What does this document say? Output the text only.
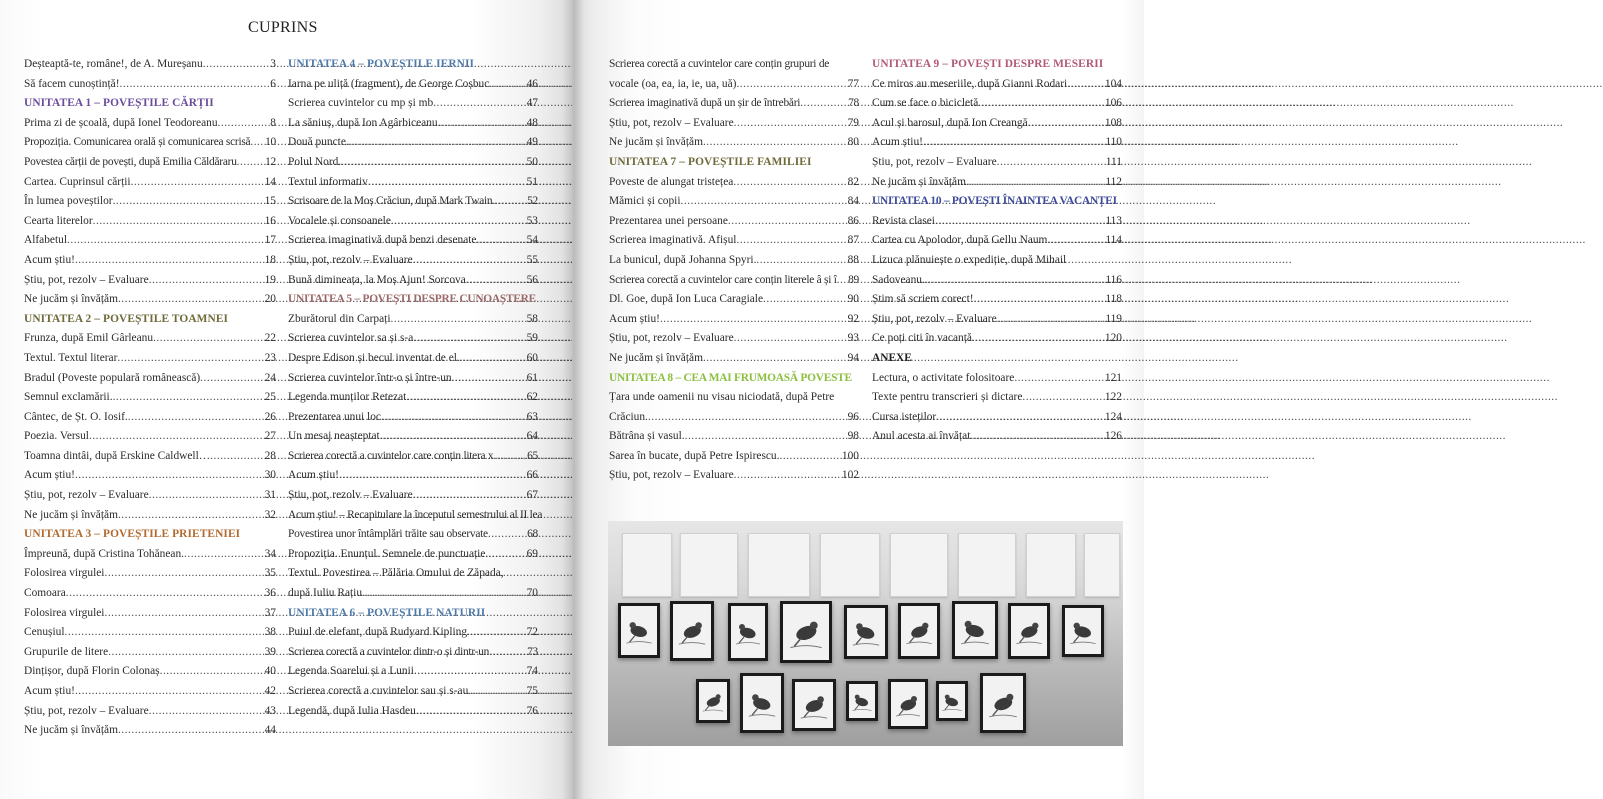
CUPRINS
Deșteaptă-te, române!, de A. Mureșanu .....	3
Să facem cunoștință! .....	6
UNITATEA 1 – POVEȘTILE CĂRȚII
Prima zi de școală, după Ionel Teodoreanu .....	8
Propoziția. Comunicarea orală și comunicarea scrisă ..... 10
Povestea cărții de povești, după Emilia Căldăraru ..... 12
Cartea. Cuprinsul cărții .....	14
În lumea poveștilor .....	15
Cearta literelor .....	16
Alfabetul .....	17
Acum știu! .....	18
Știu, pot, rezolv – Evaluare .....	19
Ne jucăm și învățăm .....	20
UNITATEA 2 – POVEȘTILE TOAMNEI
Frunza, după Emil Gârleanu .....	22
Textul. Textul literar .....	23
Bradul (Poveste populară românească) .....	24
Semnul exclamării. .....	25
Cântec, de Șt. O. Iosif. .....	26
Poezia. Versul .....	27
Toamna dintâi, după Erskine Caldwell… .....	28
Acum știu! .....	30
Știu, pot, rezolv – Evaluare .....	31
Ne jucăm și învățăm .....	32
UNITATEA 3 – POVEȘTILE PRIETENIEI
Împreună, după Cristina Tohănean. .....	34
Folosirea virgulei .....	35
Comoara .....	36
Folosirea virgulei .....	37
Cenușiul .....	38
Grupurile de litere .....	39
Dințișor, după Florin Colonaș .....	40
Acum știu! .....	42
Știu, pot, rezolv – Evaluare .....	43
Ne jucăm și învățăm .....	44
UNITATEA 4 – POVEȘTILE IERNII
Iarna pe uliță (fragment), de George Coșbuc .....	46
Scrierea cuvintelor cu mp și mb .....	47
La săniuș, după Ion Agârbiceanu. .....	48
Două puncte. .....	49
Polul Nord. .....	50
Textul informativ .....	51
Scrisoare de la Moș Crăciun, după Mark Twain. .....	52
Vocalele și consoanele .....	53
Scrierea imaginativă după benzi desenate .....	54
Știu, pot, rezolv – Evaluare .....	55
Bună dimineața, la Moș Ajun! Sorcova .....	56
UNITATEA 5 – POVEȘTI DESPRE CUNOAȘTERE
Zburătorul din Carpați .....	58
Scrierea cuvintelor sa și s-a .....	59
Despre Edison și becul inventat de el. .....	60
Scrierea cuvintelor într-o și între-un .....	61
Legenda munților Retezat .....	62
Prezentarea unui loc .....	63
Un mesaj neașteptat. .....	64
Scrierea corectă a cuvintelor care conțin litera x .....	65
Acum știu! .....	66
Știu, pot, rezolv – Evaluare .....	67
Acum știu! – Recapitulare la începutul semestrului al II lea
Povestirea unor întâmplări trăite sau observate .....	68
Propoziția. Enunțul. Semnele de punctuație. .....	69
Textul. Povestirea – Pălăria Omului de Zăpada,
după Iuliu Rațiu .....	70
UNITATEA 6 – POVEȘTILE NATURII
Puiul de elefant, după Rudyard Kipling .....	72
Scrierea corectă a cuvintelor dintr-o și dintr-un .....	73
Legenda Soarelui și a Lunii .....	74
Scrierea corectă a cuvintelor sau și s-au .....	75
Legendă, după Iulia Hasdeu .....	76
Scrierea corectă a cuvintelor care conțin grupuri de
vocale (oa, ea, ia, ie, ua, uă) .....	77
Scrierea imaginativă după un șir de întrebări .....	78
Știu, pot, rezolv – Evaluare .....	79
Ne jucăm și învățăm .....	80
UNITATEA 7 – POVEȘTILE FAMILIEI
Poveste de alungat tristețea .....	82
Mămici și copii .....	84
Prezentarea unei persoane .....	86
Scrierea imaginativă. Afișul .....	87
La bunicul, după Johanna Spyri. .....	88
Scrierea corectă a cuvintelor care conțin literele â și î ..... 89
Dl. Goe, după Ion Luca Caragiale .....	90
Acum știu! .....	92
Știu, pot, rezolv – Evaluare .....	93
Ne jucăm și învățăm .....	94
UNITATEA 8 – CEA MAI FRUMOASĂ POVESTE
Țara unde oamenii nu visau niciodată, după Petre
Crăciun. .....	96
Bătrâna și vasul. .....	98
Sarea în bucate, după Petre Ispirescu. .....	100
Știu, pot, rezolv – Evaluare .....	102
UNITATEA 9 – POVEȘTI DESPRE MESERII
Ce miros au meseriile, după Gianni Rodari .....	104
Cum se face o bicicletă .....	106
Acul și barosul, după Ion Creangă .....	108
Acum știu! .....	110
Știu, pot, rezolv – Evaluare .....	111
Ne jucăm și învățăm .....	112
UNITATEA 10 – POVEȘTI ÎNAINTEA VACANȚEI
Revista clasei .....	113
Cartea cu Apolodor, după Gellu Naum. .....	114
Lizuca plănuiește o expediție, după Mihail
Sadoveanu. .....	116
Știm să scriem corect! .....	118
Știu, pot, rezolv – Evaluare .....	119
Ce poți citi în vacanță .....	120
ANEXE
Lectura, o activitate folositoare .....	121
Texte pentru transcrieri și dictare .....	122
Cursa isteților .....	124
Anul acesta ai învățat .....	126
